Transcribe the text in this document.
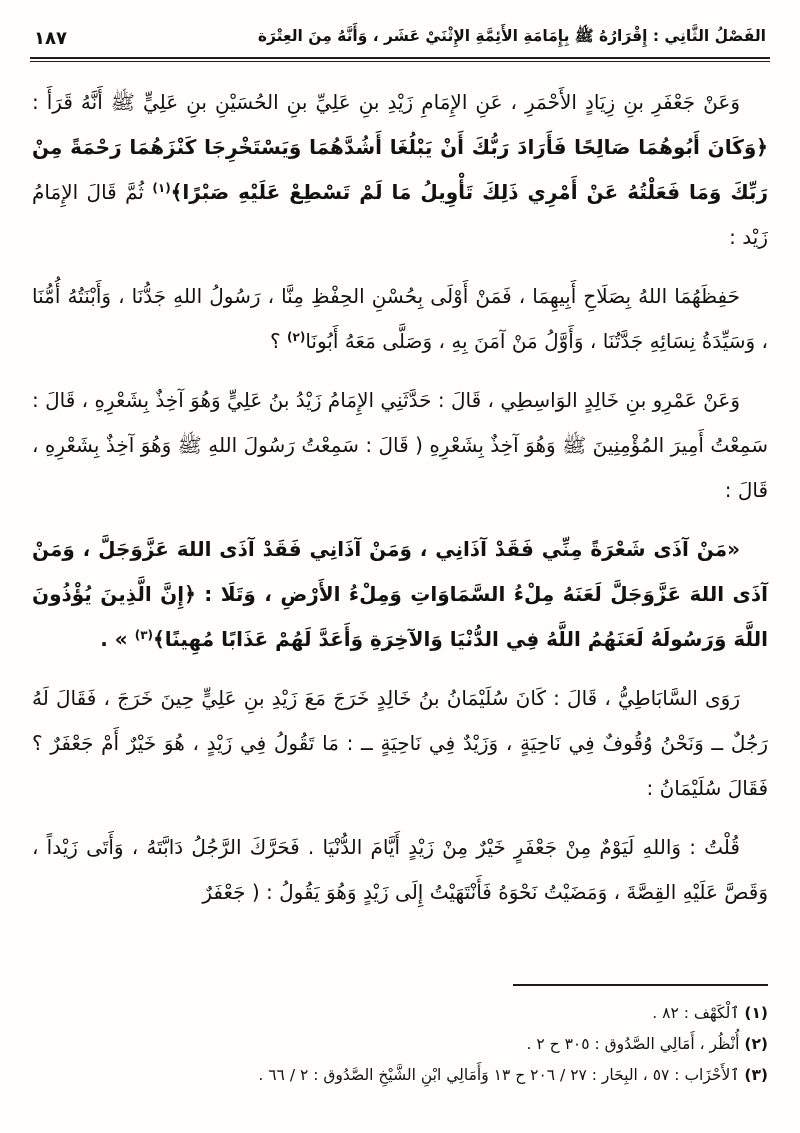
الفَصْلُ الثَّانِي : إِقْرَارُهُ ﷺ بِإِمَامَةِ الأَئِمَّةِ الإِثْنَيْ عَشَر ، وَأَنَّهُ مِنَ العِتْرَة
١٨٧

وَعَنْ جَعْفَرِ بنِ زِيَادٍ الأَحْمَرِ ، عَنِ الإِمَامِ زَيْدِ بنِ عَلِيِّ بنِ الحُسَيْنِ بنِ عَلِيٍّ ﷺ أَنَّهُ قَرَأَ : ﴿وَكَانَ أَبُوهُمَا صَالِحًا فَأَرَادَ رَبُّكَ أَنْ يَبْلُغَا أَشُدَّهُمَا وَيَسْتَخْرِجَا كَنْزَهُمَا رَحْمَةً مِنْ رَبِّكَ وَمَا فَعَلْتُهُ عَنْ أَمْرِي ذَلِكَ تَأْوِيلُ مَا لَمْ تَسْطِعْ عَلَيْهِ صَبْرًا﴾$^{(١)}$ ثُمَّ قَالَ الإِمَامُ زَيْد :

حَفِظَهُمَا اللهُ بِصَلَاحِ أَبِيهِمَا ، فَمَنْ أَوْلَى بِحُسْنِ الحِفْظِ مِنَّا ، رَسُولُ اللهِ جَدُّنَا ، وَأَبْنَتُهُ أُمُّنَا ، وَسَيِّدَةُ نِسَائِهِ جَدَّتُنَا ، وَأَوَّلُ مَنْ آمَنَ بِهِ ، وَصَلَّى مَعَهُ أَبُونَا$^{(٢)}$ ؟

وَعَنْ عَمْرِو بنِ خَالِدٍ الوَاسِطِي ، قَالَ : حَدَّثَنِي الإِمَامُ زَيْدُ بنُ عَلِيٍّ وَهُوَ آخِذٌ بِشَعْرِهِ ، قَالَ : سَمِعْتُ أَمِيرَ المُؤْمِنِينَ ﷺ وَهُوَ آخِذٌ بِشَعْرِهِ ( قَالَ : سَمِعْتُ رَسُولَ اللهِ ﷺ وَهُوَ آخِذٌ بِشَعْرِهِ ، قَالَ :

«مَنْ آذَى شَعْرَةً مِنِّي فَقَدْ آذَانِي ، وَمَنْ آذَانِي فَقَدْ آذَى اللهَ عَزَّوَجَلَّ ، وَمَنْ آذَى اللهَ عَزَّوَجَلَّ لَعَنَهُ مِلْءُ السَّمَاوَاتِ وَمِلْءُ الأَرْضِ ، وَتَلَا : ﴿إِنَّ الَّذِينَ يُؤْذُونَ اللَّهَ وَرَسُولَهُ لَعَنَهُمُ اللَّهُ فِي الدُّنْيَا وَالآخِرَةِ وَأَعَدَّ لَهُمْ عَذَابًا مُهِينًا﴾$^{(٣)}$ » .

رَوَى السَّابَاطِيُّ ، قَالَ : كَانَ سُلَيْمَانُ بنُ خَالِدٍ خَرَجَ مَعَ زَيْدِ بنِ عَلِيٍّ حِينَ خَرَجَ ، فَقَالَ لَهُ رَجُلٌ ــ وَنَحْنُ وُقُوفٌ فِي نَاحِيَةٍ ، وَزَيْدٌ فِي نَاحِيَةٍ ــ : مَا تَقُولُ فِي زَيْدٍ ، هُوَ خَيْرٌ أَمْ جَعْفَرٌ ؟ فَقَالَ سُلَيْمَانُ :

قُلْتُ : وَاللهِ لَيَوْمٌ مِنْ جَعْفَرٍ خَيْرٌ مِنْ زَيْدٍ أَيَّامَ الدُّنْيَا . فَحَرَّكَ الرَّجُلُ دَابَّتَهُ ، وَأَتَى زَيْداً ، وَقَصَّ عَلَيْهِ القِصَّةَ ، وَمَضَيْتُ نَحْوَهُ فَأَنْتَهَيْتُ إِلَى زَيْدٍ وَهُوَ يَقُولُ : ( جَعْفَرٌ

(١) ٱلْكَهْف : ٨٢ .
(٢) أُنْظُر ، أَمَالِي الصَّدُوق : ٣٠٥ ح ٢ .
(٣) ٱلأَحْزَاب : ٥٧ ، البِحَار : ٢٧ / ٢٠٦ ح ١٣ وَأَمَالِي ابْنِ الشَّيْخِ الصَّدُوق : ٢ / ٦٦ .
